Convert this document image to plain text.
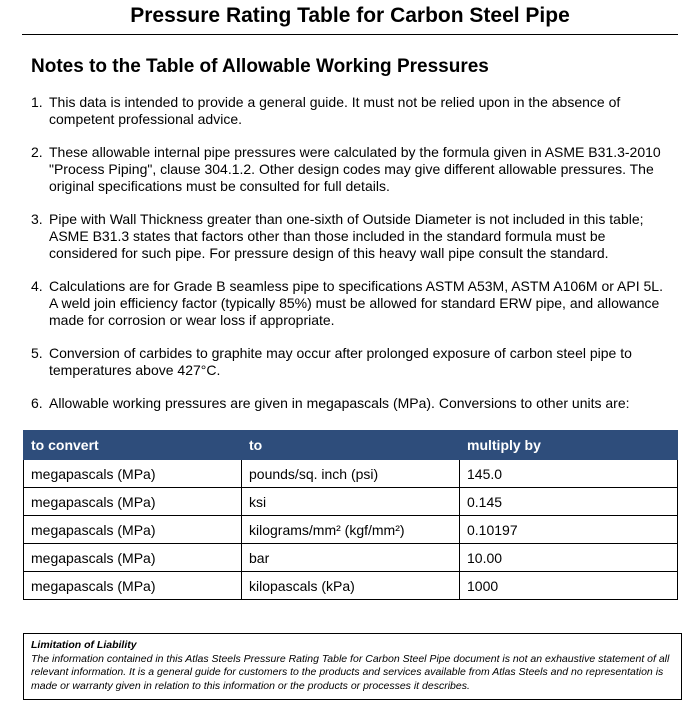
Pressure Rating Table for Carbon Steel Pipe
Notes to the Table of Allowable Working Pressures
1. This data is intended to provide a general guide. It must not be relied upon in the absence of competent professional advice.
2. These allowable internal pipe pressures were calculated by the formula given in ASME B31.3-2010 "Process Piping", clause 304.1.2. Other design codes may give different allowable pressures. The original specifications must be consulted for full details.
3. Pipe with Wall Thickness greater than one-sixth of Outside Diameter is not included in this table; ASME B31.3 states that factors other than those included in the standard formula must be considered for such pipe. For pressure design of this heavy wall pipe consult the standard.
4. Calculations are for Grade B seamless pipe to specifications ASTM A53M, ASTM A106M or API 5L. A weld join efficiency factor (typically 85%) must be allowed for standard ERW pipe, and allowance made for corrosion or wear loss if appropriate.
5. Conversion of carbides to graphite may occur after prolonged exposure of carbon steel pipe to temperatures above 427°C.
6. Allowable working pressures are given in megapascals (MPa). Conversions to other units are:
to convert	to	multiply by
megapascals (MPa)	pounds/sq. inch (psi)	145.0
megapascals (MPa)	ksi	0.145
megapascals (MPa)	kilograms/mm² (kgf/mm²)	0.10197
megapascals (MPa)	bar	10.00
megapascals (MPa)	kilopascals (kPa)	1000
Limitation of Liability
The information contained in this Atlas Steels Pressure Rating Table for Carbon Steel Pipe document is not an exhaustive statement of all relevant information. It is a general guide for customers to the products and services available from Atlas Steels and no representation is made or warranty given in relation to this information or the products or processes it describes.
